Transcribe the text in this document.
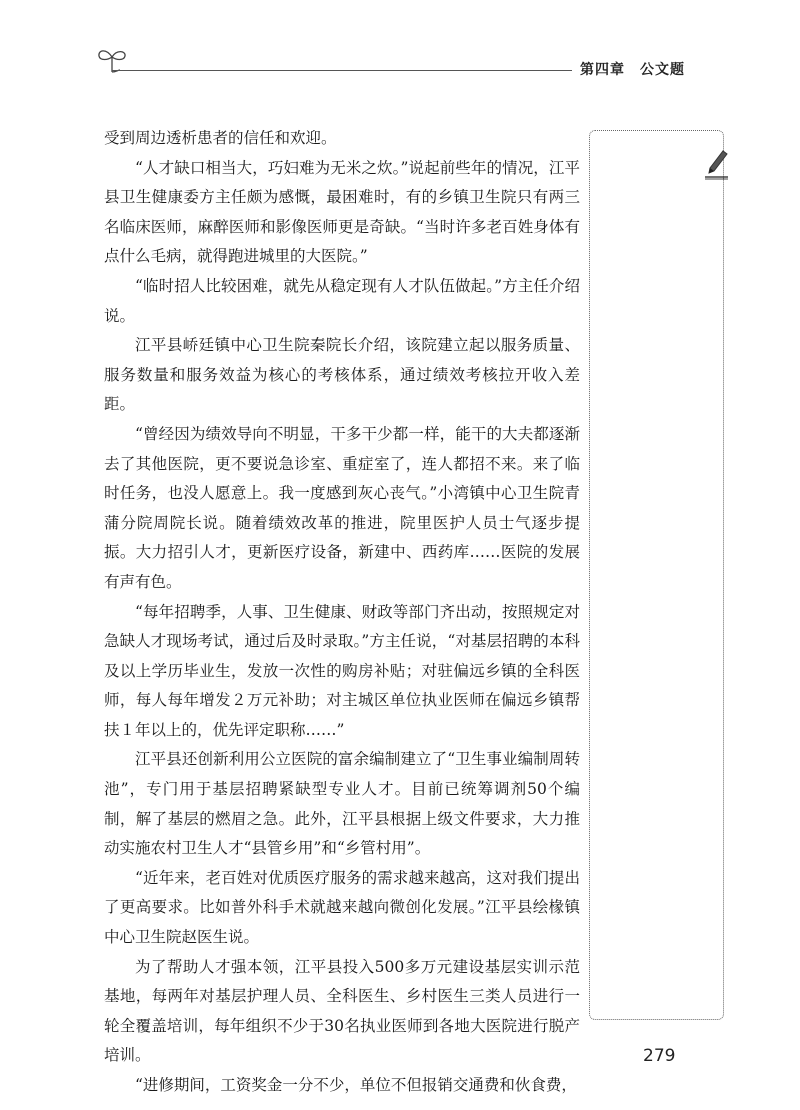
第四章　公文题

受到周边透析患者的信任和欢迎。

“人才缺口相当大，巧妇难为无米之炊。”说起前些年的情况，江平县卫生健康委方主任颇为感慨，最困难时，有的乡镇卫生院只有两三名临床医师，麻醉医师和影像医师更是奇缺。“当时许多老百姓身体有点什么毛病，就得跑进城里的大医院。”

“临时招人比较困难，就先从稳定现有人才队伍做起。”方主任介绍说。

江平县峤廷镇中心卫生院秦院长介绍，该院建立起以服务质量、服务数量和服务效益为核心的考核体系，通过绩效考核拉开收入差距。

“曾经因为绩效导向不明显，干多干少都一样，能干的大夫都逐渐去了其他医院，更不要说急诊室、重症室了，连人都招不来。来了临时任务，也没人愿意上。我一度感到灰心丧气。”小湾镇中心卫生院青蒲分院周院长说。随着绩效改革的推进，院里医护人员士气逐步提振。大力招引人才，更新医疗设备，新建中、西药库……医院的发展有声有色。

“每年招聘季，人事、卫生健康、财政等部门齐出动，按照规定对急缺人才现场考试，通过后及时录取。”方主任说，“对基层招聘的本科及以上学历毕业生，发放一次性的购房补贴；对驻偏远乡镇的全科医师，每人每年增发２万元补助；对主城区单位执业医师在偏远乡镇帮扶１年以上的，优先评定职称……”

江平县还创新利用公立医院的富余编制建立了“卫生事业编制周转池”，专门用于基层招聘紧缺型专业人才。目前已统筹调剂50个编制，解了基层的燃眉之急。此外，江平县根据上级文件要求，大力推动实施农村卫生人才“县管乡用”和“乡管村用”。

“近年来，老百姓对优质医疗服务的需求越来越高，这对我们提出了更高要求。比如普外科手术就越来越向微创化发展。”江平县绘椽镇中心卫生院赵医生说。

为了帮助人才强本领，江平县投入500多万元建设基层实训示范基地，每两年对基层护理人员、全科医生、乡村医生三类人员进行一轮全覆盖培训，每年组织不少于30名执业医师到各地大医院进行脱产培训。

“进修期间，工资奖金一分不少，单位不但报销交通费和伙食费，

279
